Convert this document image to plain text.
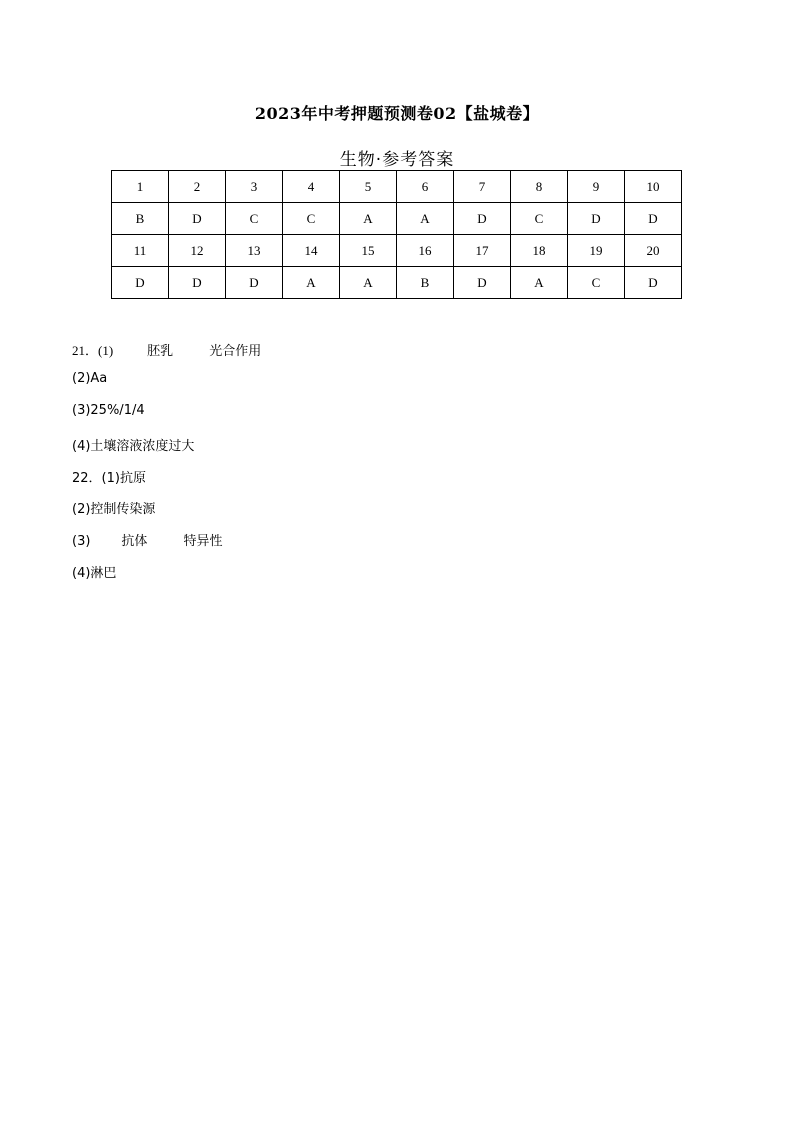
2023年中考押题预测卷02【盐城卷】
生物·参考答案
1	2	3	4	5	6	7	8	9	10
B	D	C	C	A	A	D	C	D	D
11	12	13	14	15	16	17	18	19	20
D	D	D	A	A	B	D	A	C	D
21．(1)	胚乳	光合作用
(2)Aa
(3)25%/1/4
(4)土壤溶液浓度过大
22．(1)抗原
(2)控制传染源
(3) 抗体	特异性
(4)淋巴
